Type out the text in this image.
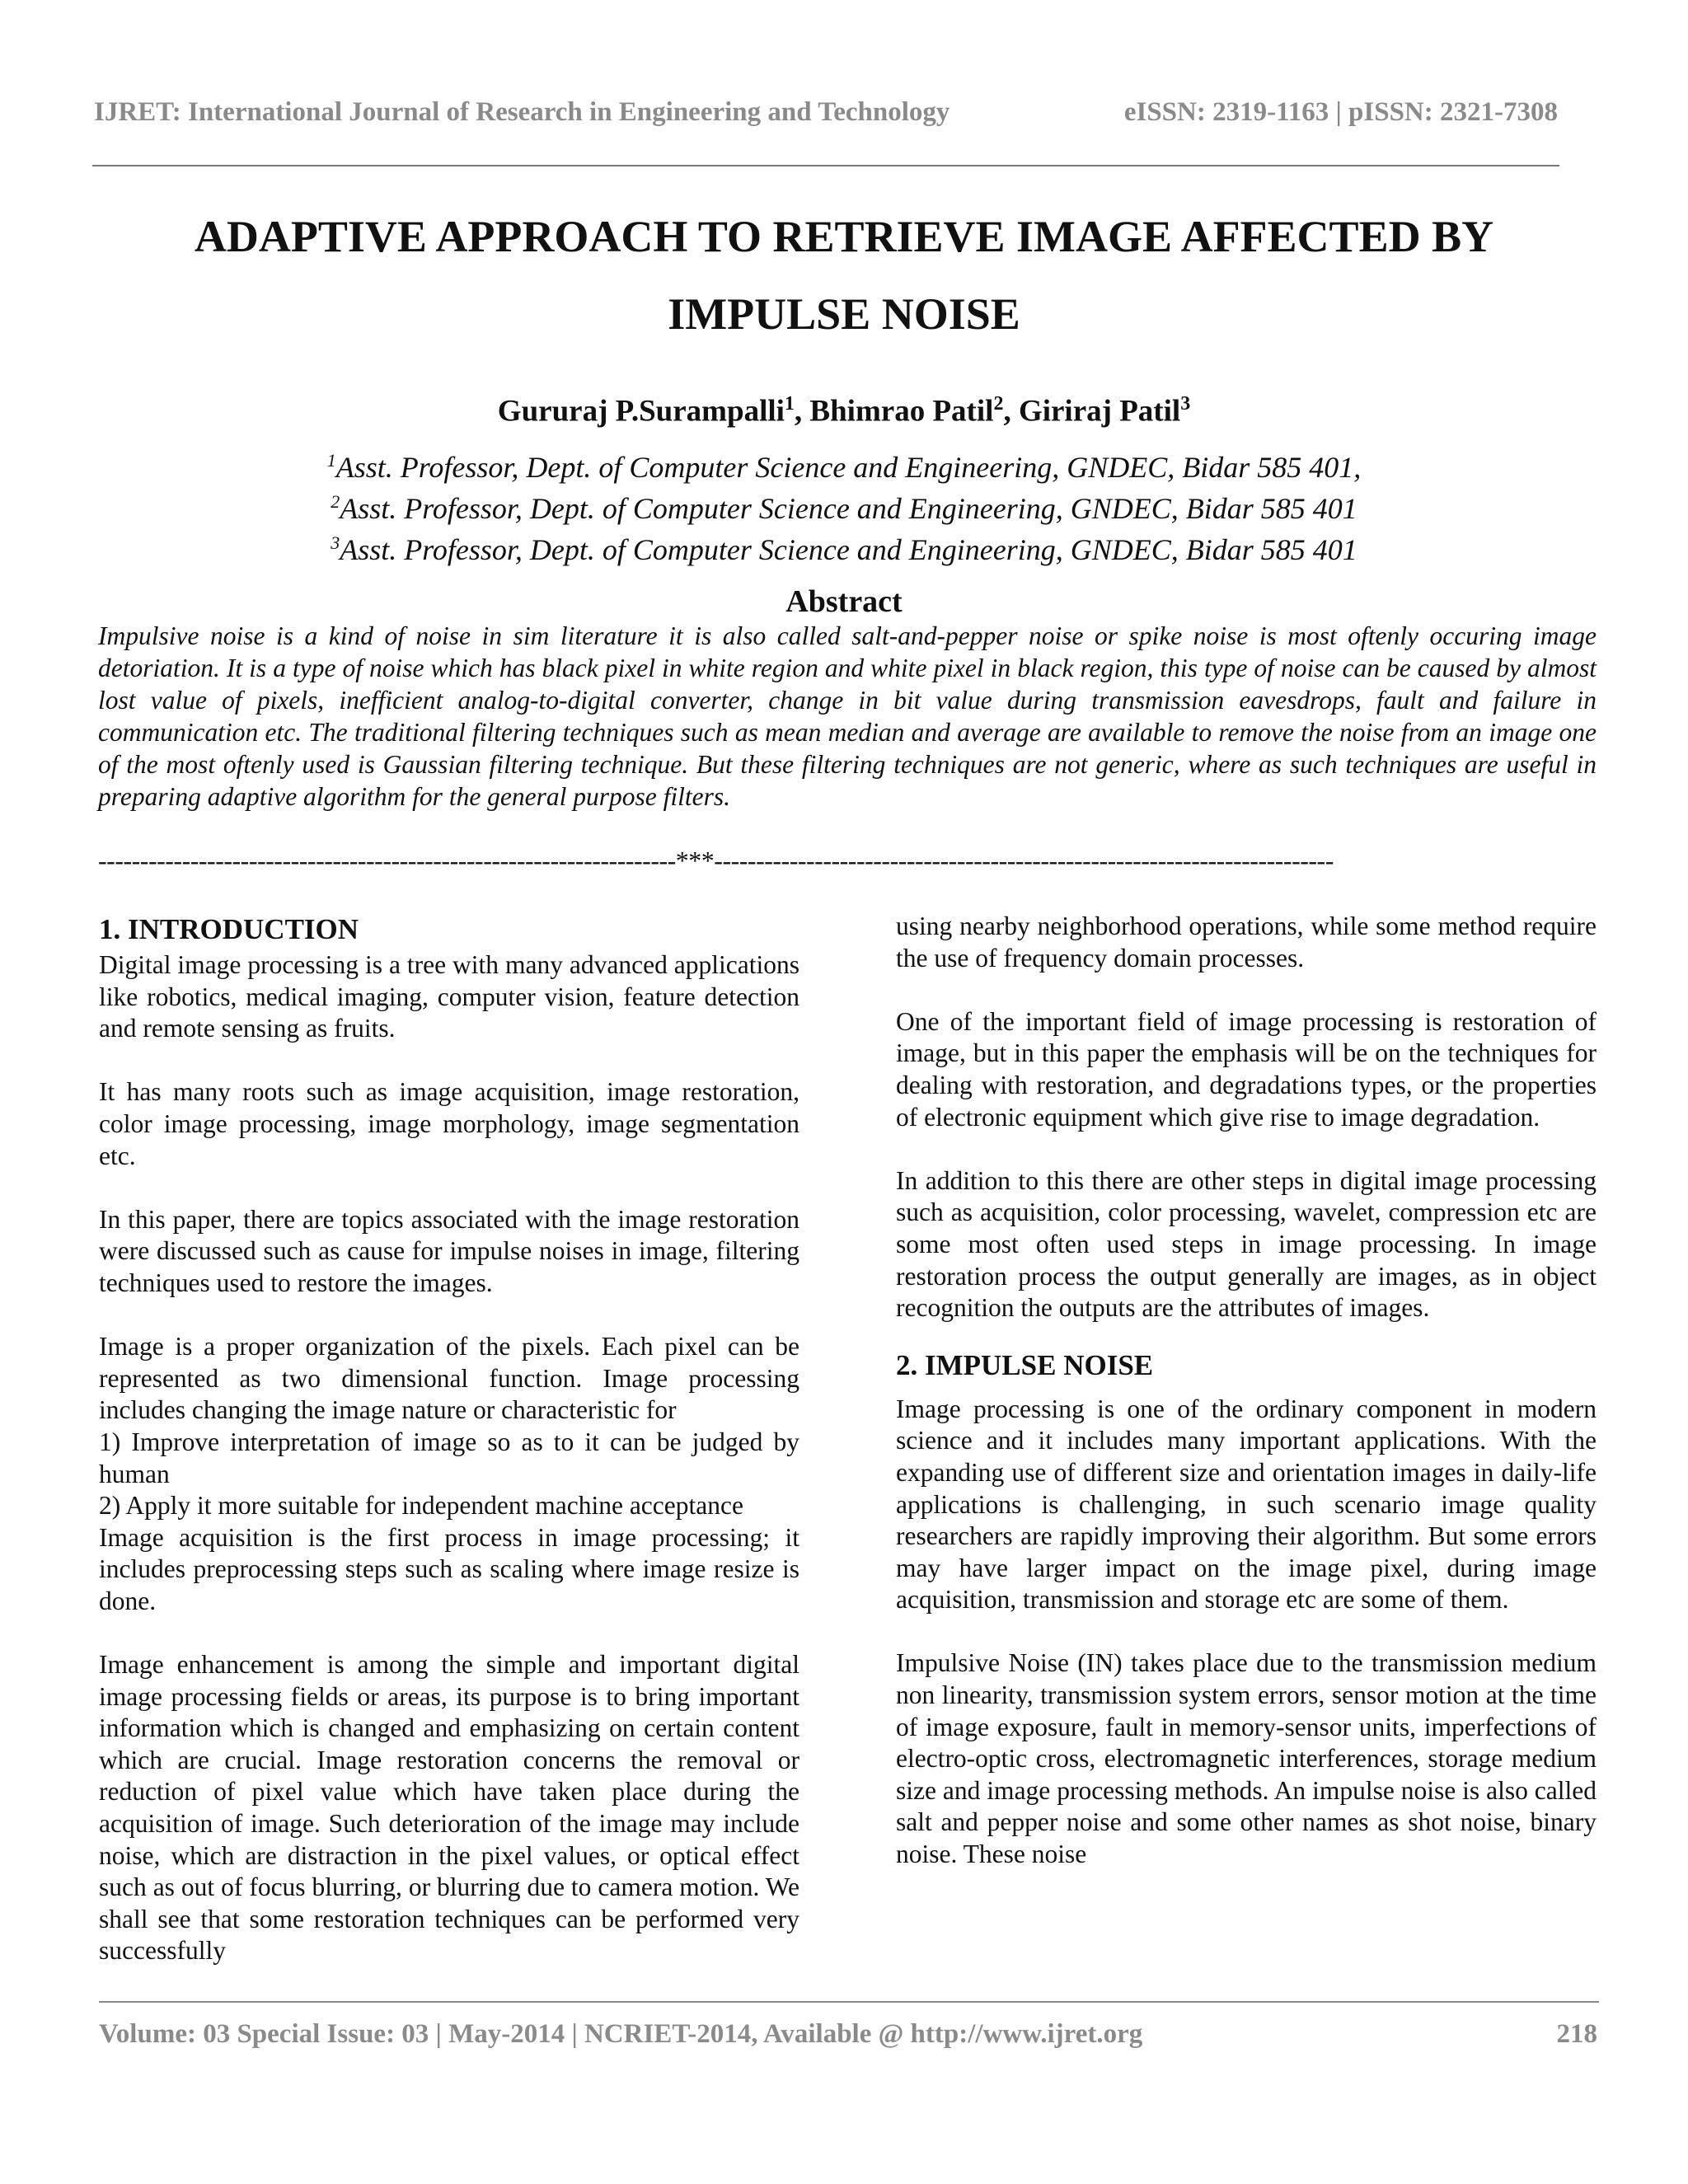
IJRET: International Journal of Research in Engineering and Technology	eISSN: 2319-1163 | pISSN: 2321-7308
ADAPTIVE APPROACH TO RETRIEVE IMAGE AFFECTED BY
IMPULSE NOISE
Gururaj P.Surampalli$^1$, Bhimrao Patil$^2$, Giriraj Patil$^3$
$^1$Asst. Professor, Dept. of Computer Science and Engineering, GNDEC, Bidar 585 401,
$^2$Asst. Professor, Dept. of Computer Science and Engineering, GNDEC, Bidar 585 401
$^3$Asst. Professor, Dept. of Computer Science and Engineering, GNDEC, Bidar 585 401
Abstract

Impulsive noise is a kind of noise in sim literature it is also called salt-and-pepper noise or spike noise is most oftenly occuring image detoriation. It is a type of noise which has black pixel in white region and white pixel in black region, this type of noise can be caused by almost lost value of pixels, inefficient analog-to-digital converter, change in bit value during transmission eavesdrops, fault and failure in communication etc. The traditional filtering techniques such as mean median and average are available to remove the noise from an image one of the most oftenly used is Gaussian filtering technique. But these filtering techniques are not generic, where as such techniques are useful in preparing adaptive algorithm for the general purpose filters.

---------------------------------------------------------------------***--------------------------------------------------------------------------
1. INTRODUCTION

Digital image processing is a tree with many advanced applications like robotics, medical imaging, computer vision, feature detection and remote sensing as fruits.

It has many roots such as image acquisition, image restoration, color image processing, image morphology, image segmentation etc.

In this paper, there are topics associated with the image restoration were discussed such as cause for impulse noises in image, filtering techniques used to restore the images.

Image is a proper organization of the pixels. Each pixel can be represented as two dimensional function. Image processing includes changing the image nature or characteristic for

1) Improve interpretation of image so as to it can be judged by human

2) Apply it more suitable for independent machine acceptance

Image acquisition is the first process in image processing; it includes preprocessing steps such as scaling where image resize is done.

Image enhancement is among the simple and important digital image processing fields or areas, its purpose is to bring important information which is changed and emphasizing on certain content which are crucial. Image restoration concerns the removal or reduction of pixel value which have taken place during the acquisition of image. Such deterioration of the image may include noise, which are distraction in the pixel values, or optical effect such as out of focus blurring, or blurring due to camera motion. We shall see that some restoration techniques can be performed very successfully

using nearby neighborhood operations, while some method require the use of frequency domain processes.

One of the important field of image processing is restoration of image, but in this paper the emphasis will be on the techniques for dealing with restoration, and degradations types, or the properties of electronic equipment which give rise to image degradation.

In addition to this there are other steps in digital image processing such as acquisition, color processing, wavelet, compression etc are some most often used steps in image processing. In image restoration process the output generally are images, as in object recognition the outputs are the attributes of images.

2. IMPULSE NOISE

Image processing is one of the ordinary component in modern science and it includes many important applications. With the expanding use of different size and orientation images in daily-life applications is challenging, in such scenario image quality researchers are rapidly improving their algorithm. But some errors may have larger impact on the image pixel, during image acquisition, transmission and storage etc are some of them.

Impulsive Noise (IN) takes place due to the transmission medium non linearity, transmission system errors, sensor motion at the time of image exposure, fault in memory-sensor units, imperfections of electro-optic cross, electromagnetic interferences, storage medium size and image processing methods. An impulse noise is also called salt and pepper noise and some other names as shot noise, binary noise. These noise

Volume: 03 Special Issue: 03 | May-2014 | NCRIET-2014, Available @ http://www.ijret.org	218
